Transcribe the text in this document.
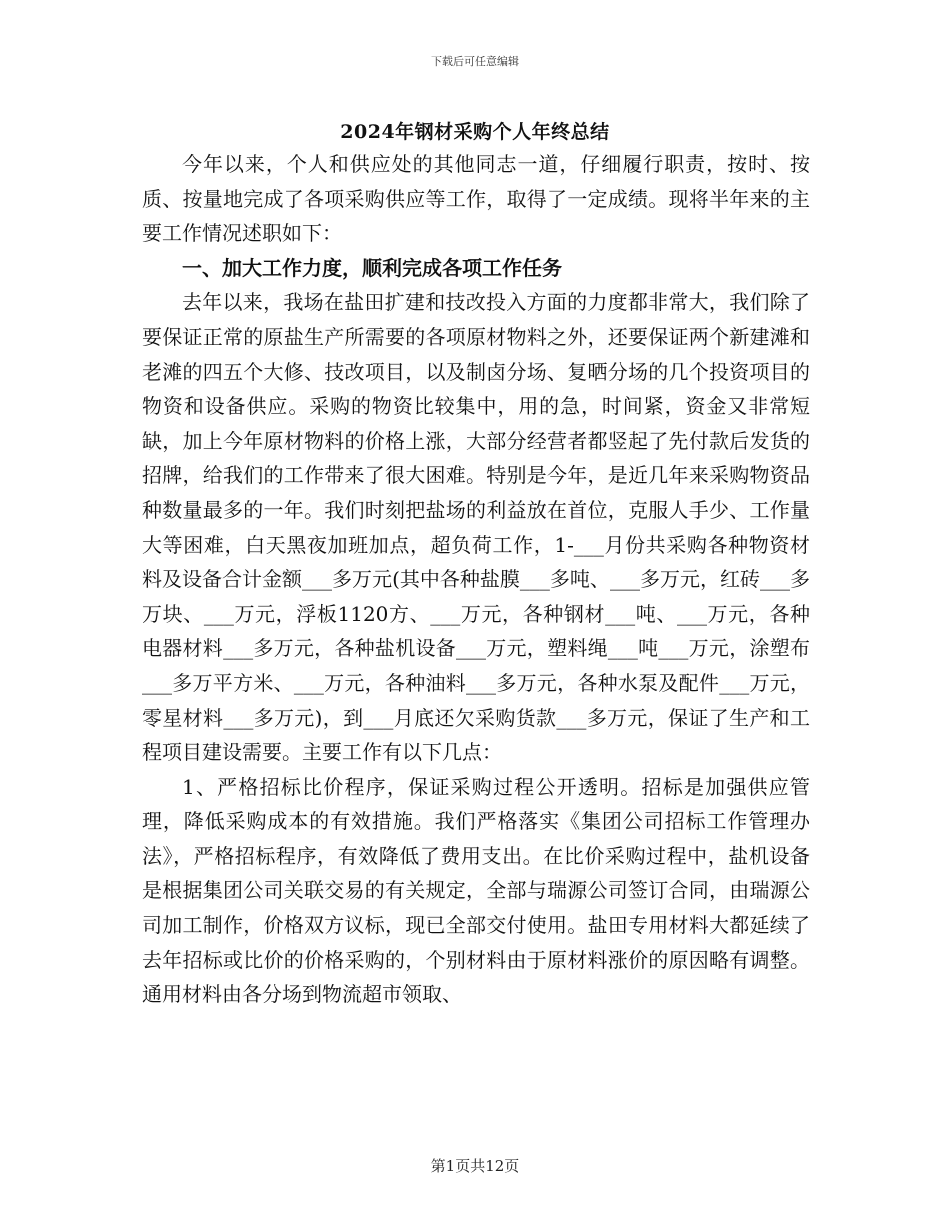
下载后可任意编辑
2024年钢材采购个人年终总结

今年以来，个人和供应处的其他同志一道，仔细履行职责，按时、按质、按量地完成了各项采购供应等工作，取得了一定成绩。现将半年来的主要工作情况述职如下：

一、加大工作力度，顺利完成各项工作任务

去年以来，我场在盐田扩建和技改投入方面的力度都非常大，我们除了要保证正常的原盐生产所需要的各项原材物料之外，还要保证两个新建滩和老滩的四五个大修、技改项目，以及制卤分场、复晒分场的几个投资项目的物资和设备供应。采购的物资比较集中，用的急，时间紧，资金又非常短缺，加上今年原材物料的价格上涨，大部分经营者都竖起了先付款后发货的招牌，给我们的工作带来了很大困难。特别是今年，是近几年来采购物资品种数量最多的一年。我们时刻把盐场的利益放在首位，克服人手少、工作量大等困难，白天黑夜加班加点，超负荷工作，1-___月份共采购各种物资材料及设备合计金额___多万元(其中各种盐膜___多吨、___多万元，红砖___多万块、___万元，浮板1120方、___万元，各种钢材___吨、___万元，各种电器材料___多万元，各种盐机设备___万元，塑料绳___吨___万元，涂塑布___多万平方米、___万元，各种油料___多万元，各种水泵及配件___万元，零星材料___多万元)，到___月底还欠采购货款___多万元，保证了生产和工程项目建设需要。主要工作有以下几点：

1、严格招标比价程序，保证采购过程公开透明。招标是加强供应管理，降低采购成本的有效措施。我们严格落实《集团公司招标工作管理办法》，严格招标程序，有效降低了费用支出。在比价采购过程中，盐机设备是根据集团公司关联交易的有关规定，全部与瑞源公司签订合同，由瑞源公司加工制作，价格双方议标，现已全部交付使用。盐田专用材料大都延续了去年招标或比价的价格采购的，个别材料由于原材料涨价的原因略有调整。通用材料由各分场到物流超市领取、

第1页共12页
